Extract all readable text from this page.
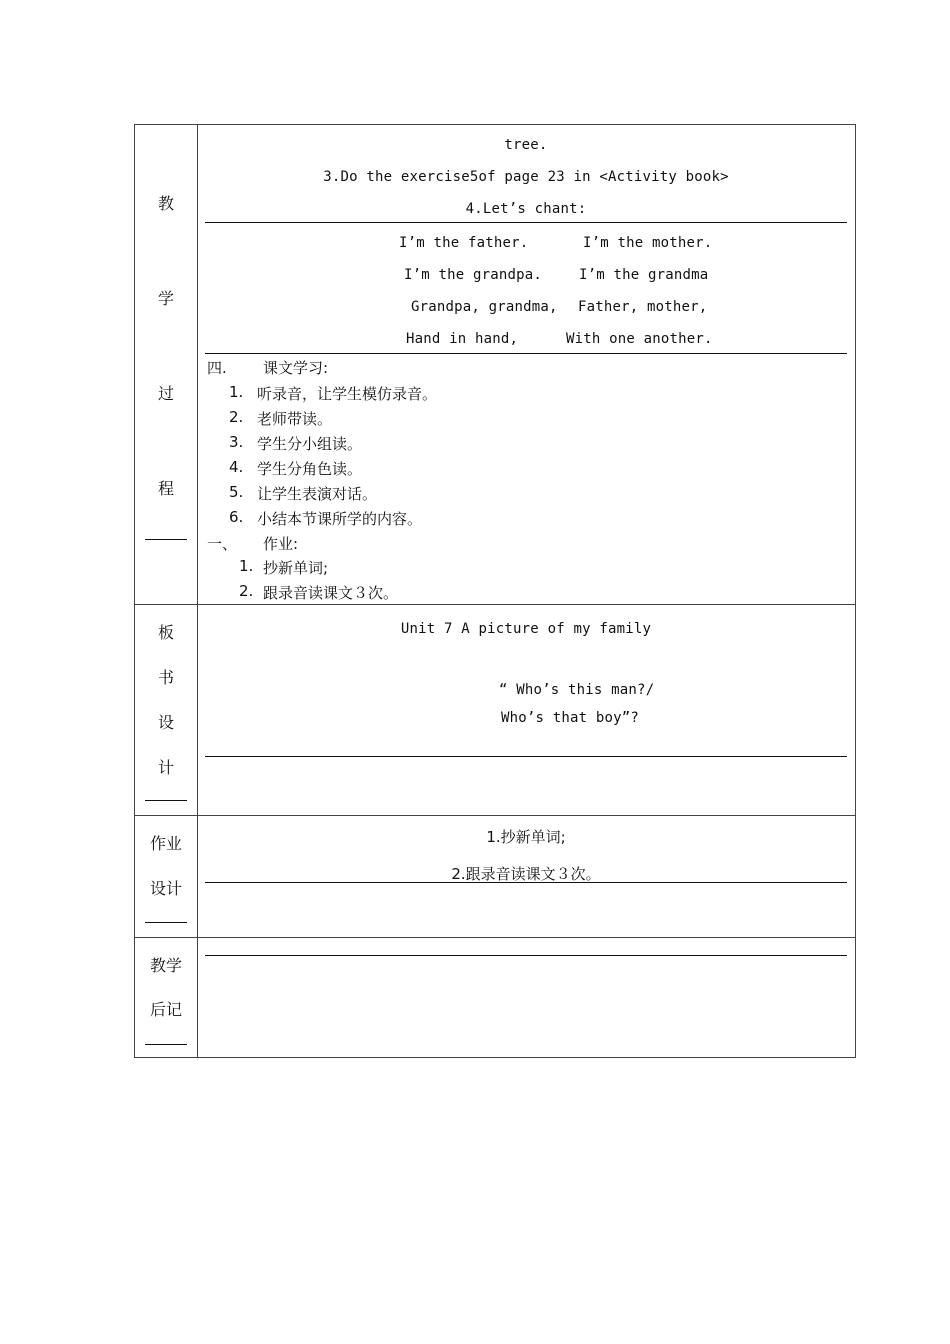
教
学
过
程
tree.
3.Do the exercise5of page 23 in <Activity book>
4.Let’s chant:
I’m the father.	I’m the mother.
I’m the grandpa.	I’m the grandma
Grandpa, grandma, Father, mother,
Hand in hand,	With one another.
四. 课文学习:
1. 听录音，让学生模仿录音。
2. 老师带读。
3. 学生分小组读。
4. 学生分角色读。
5. 让学生表演对话。
6. 小结本节课所学的内容。
一、 作业:
1. 抄新单词;
2. 跟录音读课文３次。
板
书
设
计
Unit 7 A picture of my family
“ Who’s this man?/
Who’s that boy”?
作业
设计
1.抄新单词;
2.跟录音读课文３次。
教学
后记
